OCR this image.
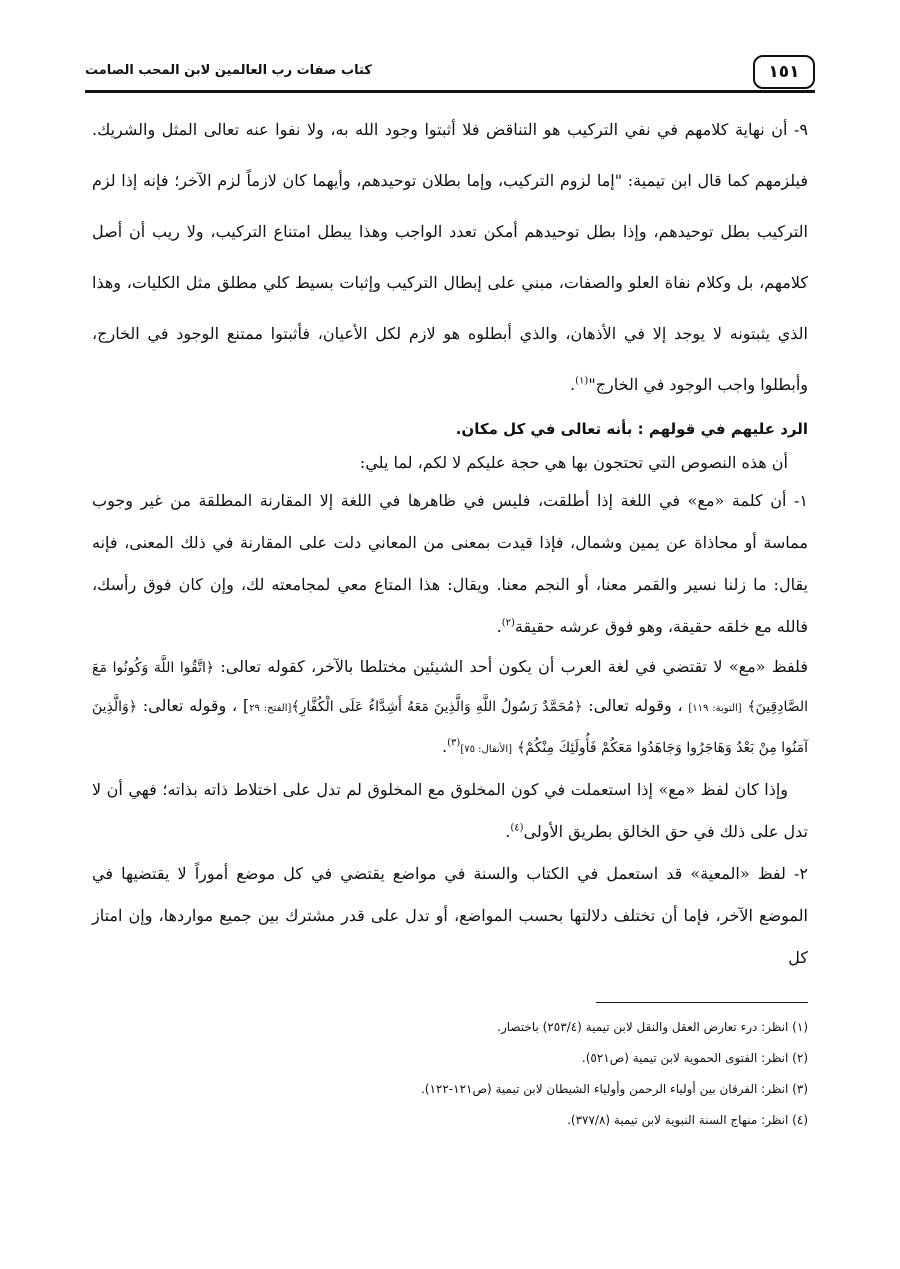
١٥١
كتاب صفات رب العالمين لابن المحب الصامت

٩- أن نهاية كلامهم في نفي التركيب هو التناقض فلا أثبتوا وجود الله به، ولا نفوا عنه تعالى المثل والشريك. فيلزمهم كما قال ابن تيمية: "إما لزوم التركيب، وإما بطلان توحيدهم، وأيهما كان لازماً لزم الآخر؛ فإنه إذا لزم التركيب بطل توحيدهم، وإذا بطل توحيدهم أمكن تعدد الواجب وهذا يبطل امتناع التركيب، ولا ريب أن أصل كلامهم، بل وكلام نفاة العلو والصفات، مبني على إبطال التركيب وإثبات بسيط كلي مطلق مثل الكليات، وهذا الذي يثبتونه لا يوجد إلا في الأذهان، والذي أبطلوه هو لازم لكل الأعيان، فأثبتوا ممتنع الوجود في الخارج، وأبطلوا واجب الوجود في الخارج"$^{(١)}$.

الرد عليهم في قولهم : بأنه تعالى في كل مكان.

أن هذه النصوص التي تحتجون بها هي حجة عليكم لا لكم، لما يلي:

١- أن كلمة «مع» في اللغة إذا أطلقت، فليس في ظاهرها في اللغة إلا المقارنة المطلقة من غير وجوب مماسة أو محاذاة عن يمين وشمال، فإذا قيدت بمعنى من المعاني دلت على المقارنة في ذلك المعنى، فإنه يقال: ما زلنا نسير والقمر معنا، أو النجم معنا. ويقال: هذا المتاع معي لمجامعته لك، وإن كان فوق رأسك، فالله مع خلقه حقيقة، وهو فوق عرشه حقيقة$^{(٢)}$.

فلفظ «مع» لا تقتضي في لغة العرب أن يكون أحد الشيئين مختلطا بالآخر، كقوله تعالى: ﴿اتَّقُوا اللَّهَ وَكُونُوا مَعَ الصَّادِقِينَ﴾ [التوبة: ١١٩] ، وقوله تعالى: ﴿مُحَمَّدٌ رَسُولُ اللَّهِ وَالَّذِينَ مَعَهُ أَشِدَّاءُ عَلَى الْكُفَّارِ﴾[الفتح: ٢٩] ، وقوله تعالى: ﴿وَالَّذِينَ آمَنُوا مِنْ بَعْدُ وَهَاجَرُوا وَجَاهَدُوا مَعَكُمْ فَأُولَئِكَ مِنْكُمْ﴾ [الأنفال: ٧٥]$^{(٣)}$.

وإذا كان لفظ «مع» إذا استعملت في كون المخلوق مع المخلوق لم تدل على اختلاط ذاته بذاته؛ فهي أن لا تدل على ذلك في حق الخالق بطريق الأولى$^{(٤)}$.

٢- لفظ «المعية» قد استعمل في الكتاب والسنة في مواضع يقتضي في كل موضع أموراً لا يقتضيها في الموضع الآخر، فإما أن تختلف دلالتها بحسب المواضع، أو تدل على قدر مشترك بين جميع مواردها، وإن امتاز كل

(١) انظر: درء تعارض العقل والنقل لابن تيمية (٢٥٣/٤) باختصار.
(٢) انظر: الفتوى الحموية لابن تيمية (ص٥٢١).
(٣) انظر: الفرقان بين أولياء الرحمن وأولياء الشيطان لابن تيمية (ص١٢١-١٢٢).
(٤) انظر: منهاج السنة النبوية لابن تيمية (٣٧٧/٨).
